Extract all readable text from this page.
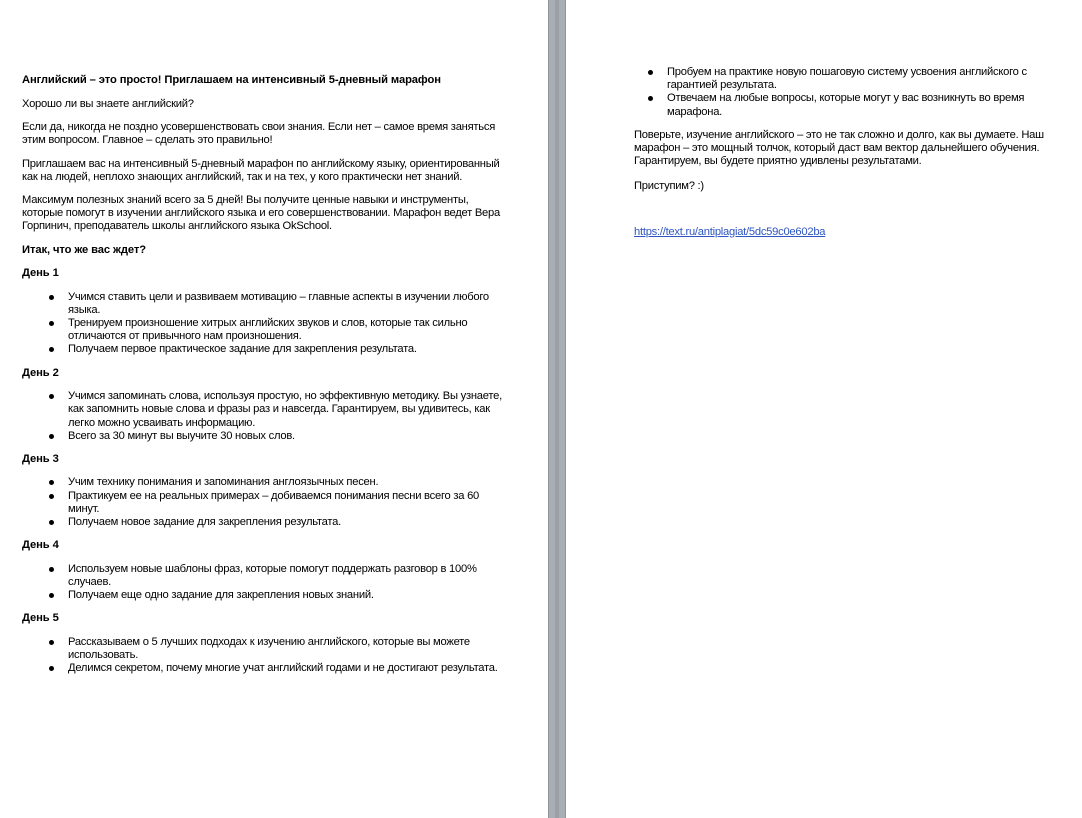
Английский – это просто! Приглашаем на интенсивный 5-дневный марафон

Хорошо ли вы знаете английский?

Если да, никогда не поздно усовершенствовать свои знания. Если нет – самое время заняться этим вопросом. Главное – сделать это правильно!

Приглашаем вас на интенсивный 5-дневный марафон по английскому языку, ориентированный как на людей, неплохо знающих английский, так и на тех, у кого практически нет знаний.

Максимум полезных знаний всего за 5 дней! Вы получите ценные навыки и инструменты, которые помогут в изучении английского языка и его совершенствовании. Марафон ведет Вера Горпинич, преподаватель школы английского языка OkSchool.

Итак, что же вас ждет?
День 1
Учимся ставить цели и развиваем мотивацию – главные аспекты в изучении любого языка.
Тренируем произношение хитрых английских звуков и слов, которые так сильно отличаются от привычного нам произношения.
Получаем первое практическое задание для закрепления результата.
День 2
Учимся запоминать слова, используя простую, но эффективную методику. Вы узнаете, как запомнить новые слова и фразы раз и навсегда. Гарантируем, вы удивитесь, как легко можно усваивать информацию.
Всего за 30 минут вы выучите 30 новых слов.
День 3
Учим технику понимания и запоминания англоязычных песен.
Практикуем ее на реальных примерах – добиваемся понимания песни всего за 60 минут.
Получаем новое задание для закрепления результата.
День 4
Используем новые шаблоны фраз, которые помогут поддержать разговор в 100% случаев.
Получаем еще одно задание для закрепления новых знаний.
День 5
Рассказываем о 5 лучших подходах к изучению английского, которые вы можете использовать.
Делимся секретом, почему многие учат английский годами и не достигают результата.
Пробуем на практике новую пошаговую систему усвоения английского с гарантией результата.
Отвечаем на любые вопросы, которые могут у вас возникнуть во время марафона.

Поверьте, изучение английского – это не так сложно и долго, как вы думаете. Наш марафон – это мощный толчок, который даст вам вектор дальнейшего обучения. Гарантируем, вы будете приятно удивлены результатами.

Приступим? :)

https://text.ru/antiplagiat/5dc59c0e602ba
